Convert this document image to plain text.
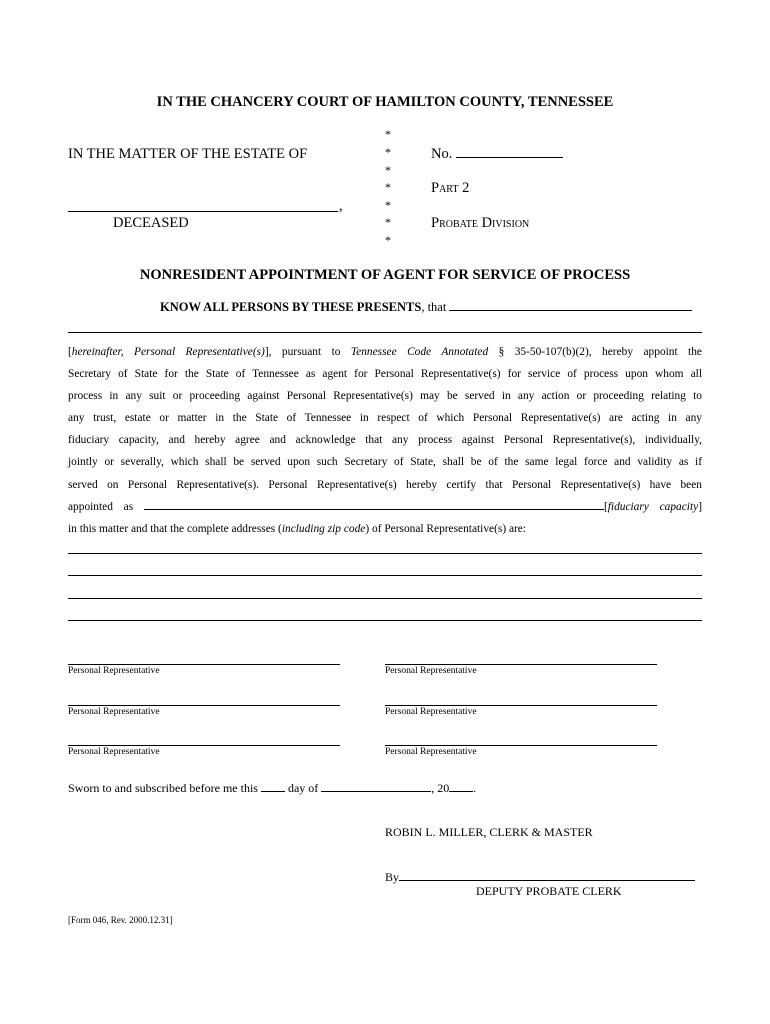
IN THE CHANCERY COURT OF HAMILTON COUNTY, TENNESSEE
IN THE MATTER OF THE ESTATE OF
,
DECEASED
*
*
*
*
*
*
*
No.
Part 2
Probate Division
NONRESIDENT APPOINTMENT OF AGENT FOR SERVICE OF PROCESS
KNOW ALL PERSONS BY THESE PRESENTS, that
[hereinafter, Personal Representative(s)], pursuant to Tennessee Code Annotated § 35-50-107(b)(2), hereby appoint the
Secretary of State for the State of Tennessee as agent for Personal Representative(s) for service of process upon whom all
process in any suit or proceeding against Personal Representative(s) may be served in any action or proceeding relating to
any trust, estate or matter in the State of Tennessee in respect of which Personal Representative(s) are acting in any
fiduciary capacity, and hereby agree and acknowledge that any process against Personal Representative(s), individually,
jointly or severally, which shall be served upon such Secretary of State, shall be of the same legal force and validity as if
served on Personal Representative(s). Personal Representative(s) hereby certify that Personal Representative(s) have been
appointed as	[fiduciary capacity]
in this matter and that the complete addresses (including zip code) of Personal Representative(s) are:
Personal Representative	Personal Representative
Personal Representative	Personal Representative
Personal Representative	Personal Representative
Sworn to and subscribed before me this	day of	, 20 .
ROBIN L. MILLER, CLERK & MASTER
By
DEPUTY PROBATE CLERK
[Form 046, Rev. 2000.12.31]
